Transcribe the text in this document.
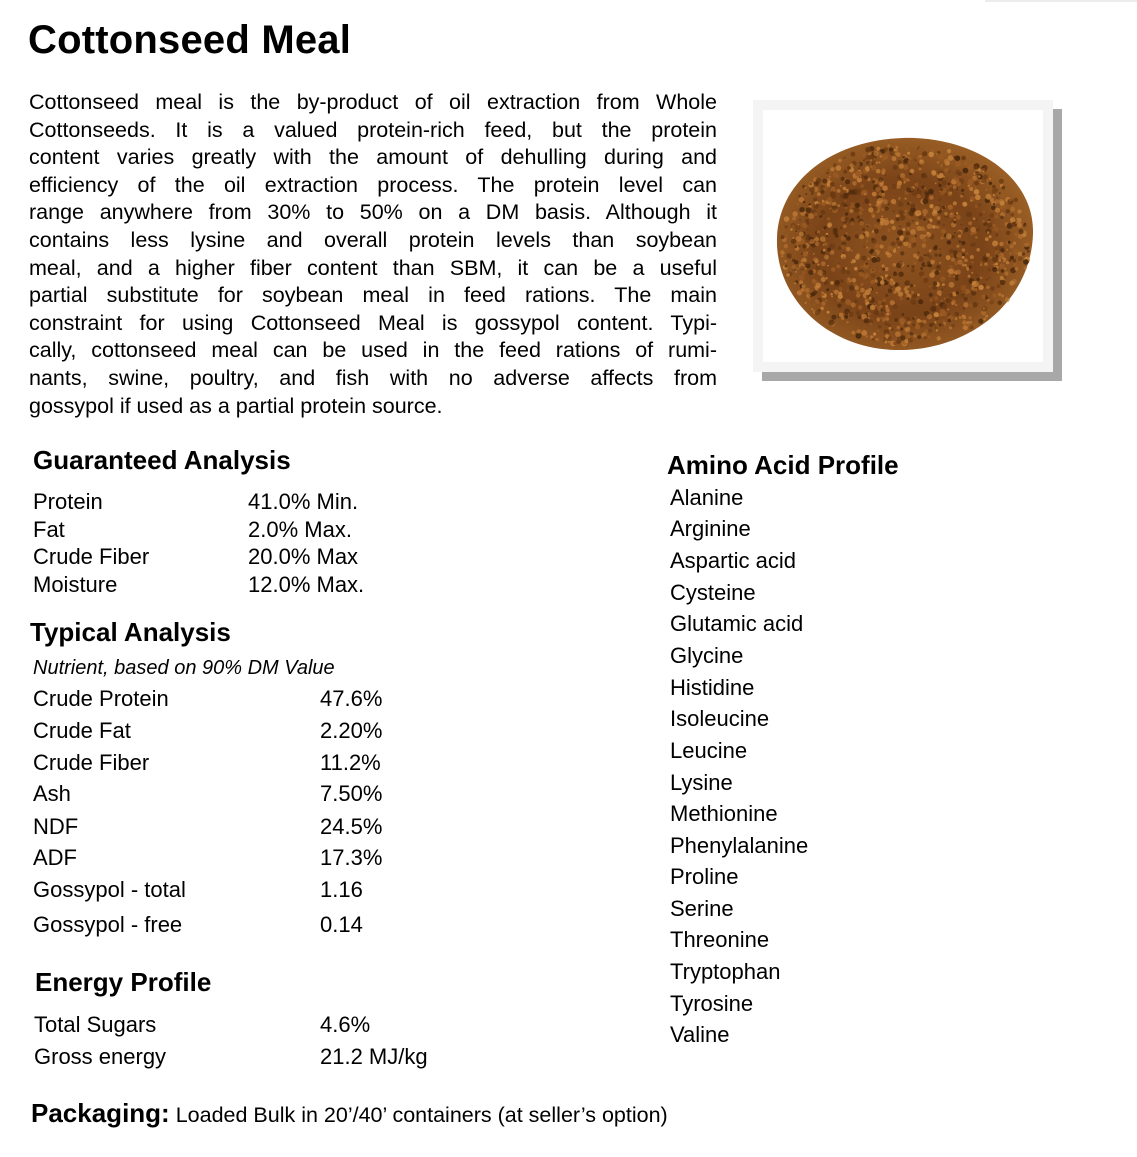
Cottonseed Meal
Cottonseed meal is the by-product of oil extraction from Whole
Cottonseeds. It is a valued protein-rich feed, but the protein
content varies greatly with the amount of dehulling during and
efficiency of the oil extraction process. The protein level can
range anywhere from 30% to 50% on a DM basis. Although it
contains less lysine and overall protein levels than soybean
meal, and a higher fiber content than SBM, it can be a useful
partial substitute for soybean meal in feed rations. The main
constraint for using Cottonseed Meal is gossypol content. Typi-
cally, cottonseed meal can be used in the feed rations of rumi-
nants, swine, poultry, and fish with no adverse affects from
gossypol if used as a partial protein source.
Guaranteed Analysis
Protein	41.0% Min.
Fat	2.0% Max.
Crude Fiber	20.0% Max
Moisture	12.0% Max.
Typical Analysis
Nutrient, based on 90% DM Value
Crude Protein	47.6%
Crude Fat	2.20%
Crude Fiber	11.2%
Ash	7.50%
NDF	24.5%
ADF	17.3%
Gossypol - total	1.16
Gossypol - free	0.14
Energy Profile
Total Sugars	4.6%
Gross energy	21.2 MJ/kg
Amino Acid Profile
Alanine
Arginine
Aspartic acid
Cysteine
Glutamic acid
Glycine
Histidine
Isoleucine
Leucine
Lysine
Methionine
Phenylalanine
Proline
Serine
Threonine
Tryptophan
Tyrosine
Valine
Packaging: Loaded Bulk in 20’/40’ containers (at seller’s option)
